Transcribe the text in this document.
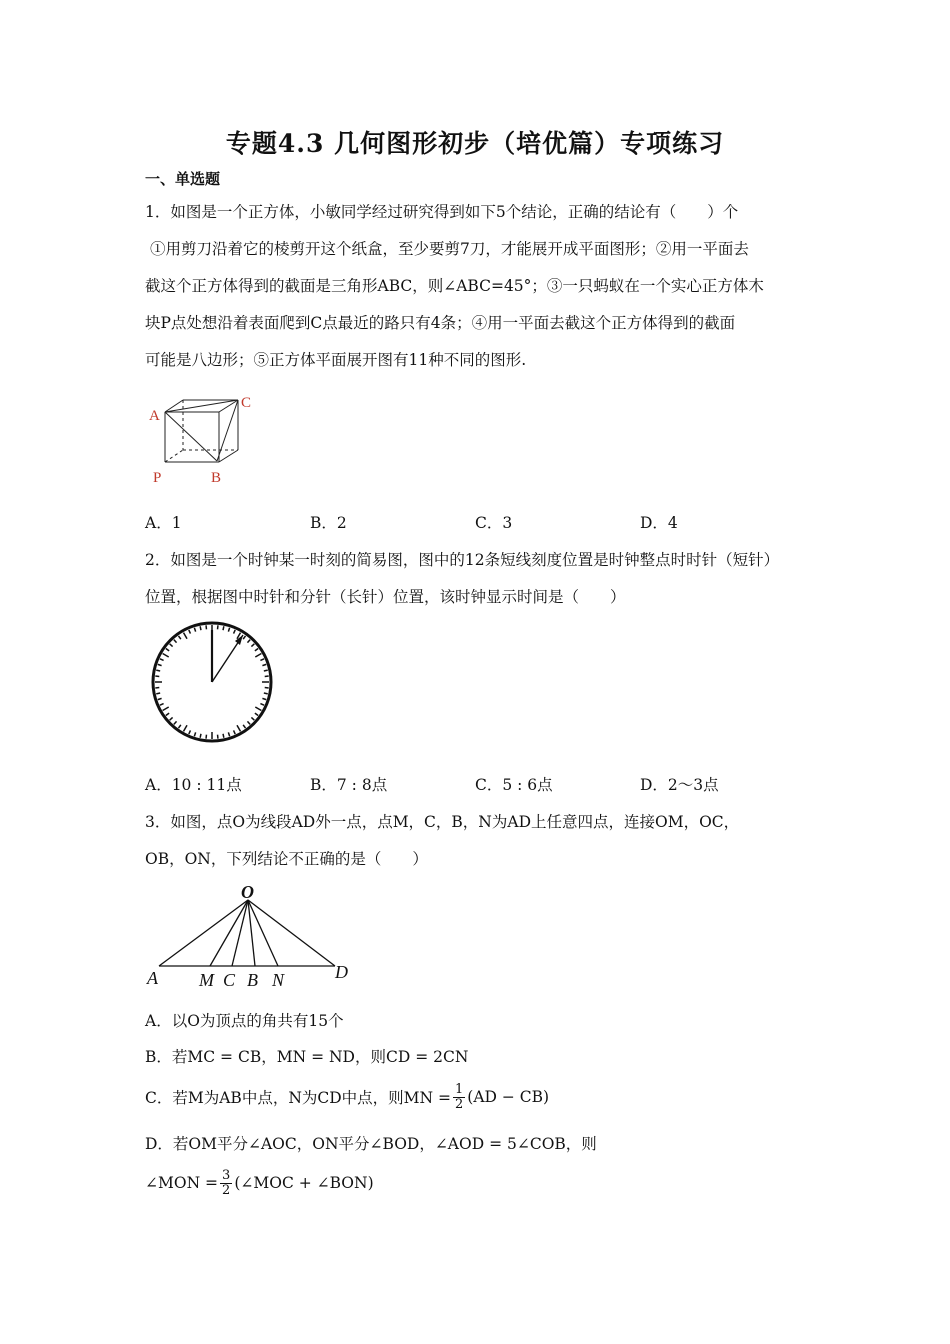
专题4.3 几何图形初步（培优篇）专项练习
一、单选题
1．如图是一个正方体，小敏同学经过研究得到如下5个结论，正确的结论有（　　）个
①用剪刀沿着它的棱剪开这个纸盒，至少要剪7刀，才能展开成平面图形；②用一平面去
截这个正方体得到的截面是三角形ABC，则∠ABC=45°；③一只蚂蚁在一个实心正方体木
块P点处想沿着表面爬到C点最近的路只有4条；④用一平面去截这个正方体得到的截面
可能是八边形；⑤正方体平面展开图有11种不同的图形.
A
C
P	B
A．1	B．2	C．3	D．4
2．如图是一个时钟某一时刻的简易图，图中的12条短线刻度位置是时钟整点时时针（短针）
位置，根据图中时针和分针（长针）位置，该时钟显示时间是（　　）
A．10 : 11点	B．7 : 8点	C．5 : 6点	D．2～3点
3．如图，点O为线段AD外一点，点M，C，B，N为AD上任意四点，连接OM，OC，
OB，ON，下列结论不正确的是（　　）
O
A M C B N	D
A．以O为顶点的角共有15个
B．若MC = CB，MN = ND，则CD = 2CN
C．若M为AB中点，N为CD中点，则MN = $\frac{1}{2} (AD - CB)$
D．若OM平分∠AOC，ON平分∠BOD，∠AOD = 5∠COB，则
∠MON = $\frac{3}{2}$ (∠MOC + ∠BON)
